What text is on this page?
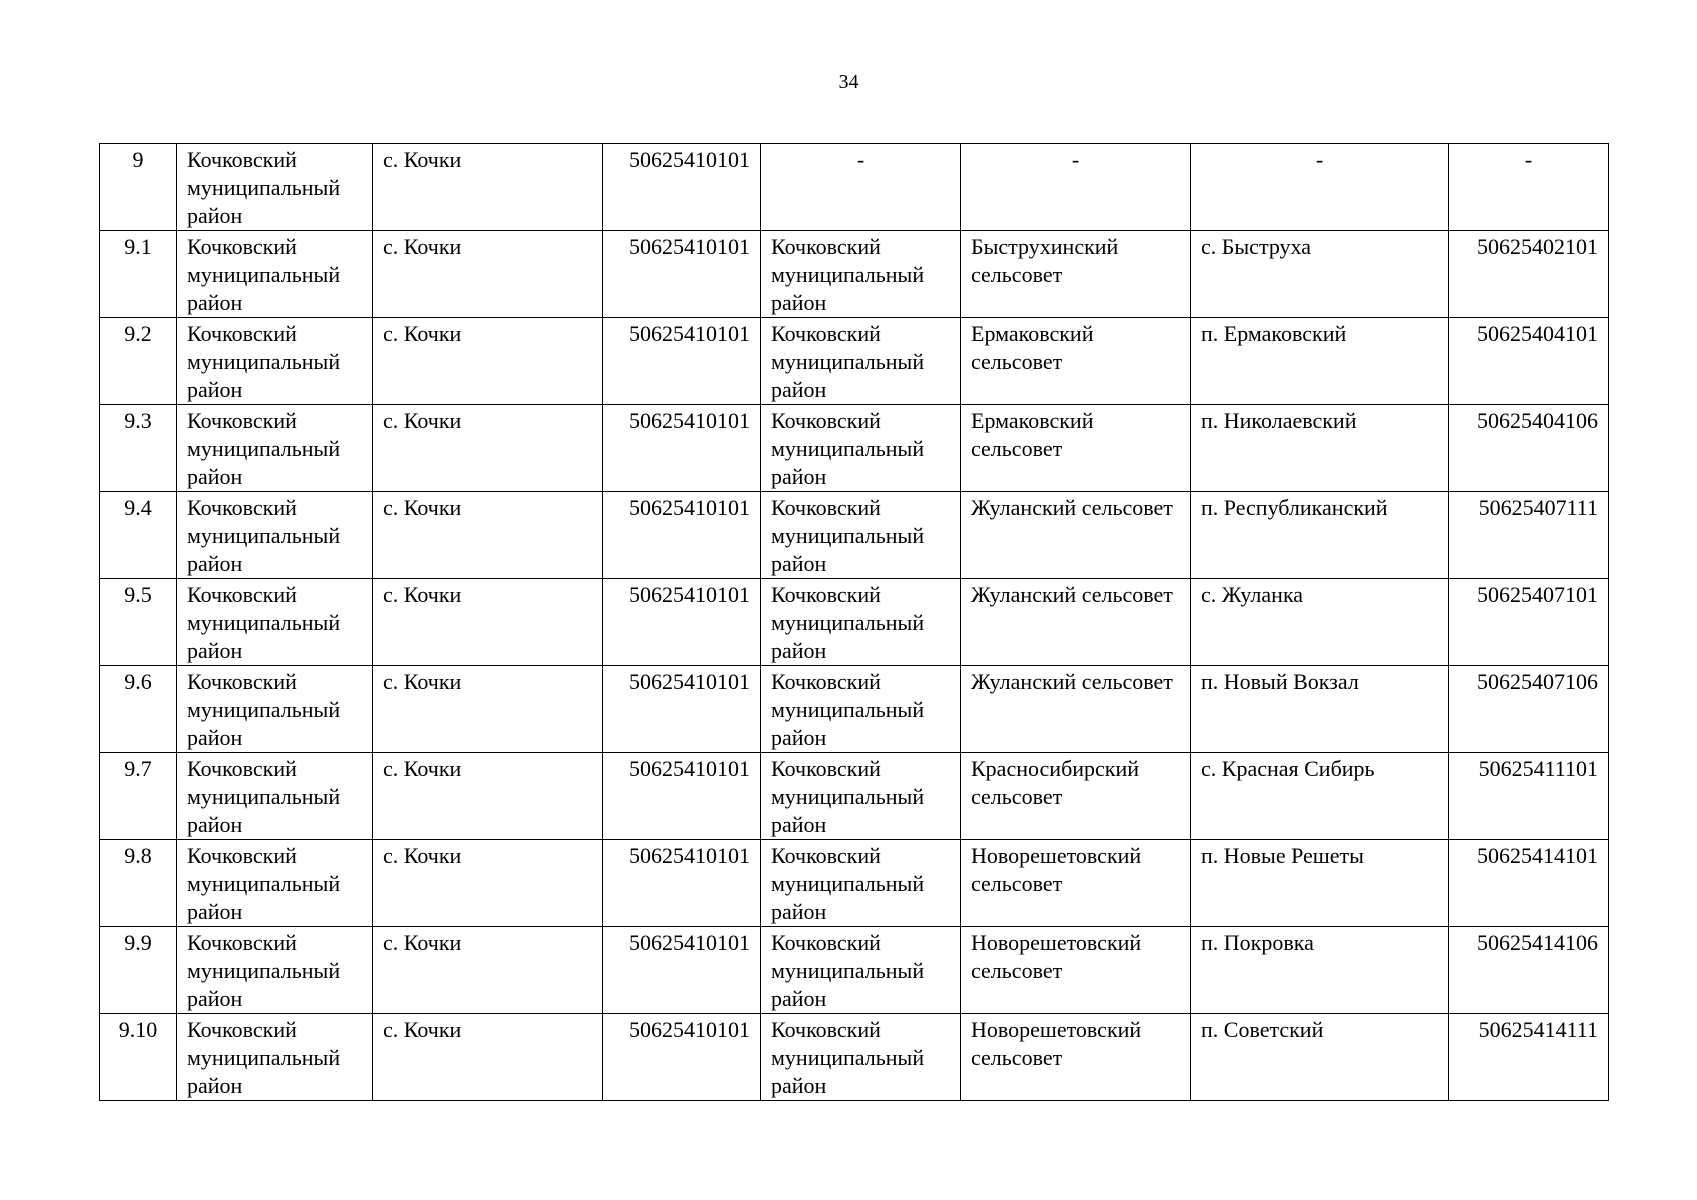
34
9	Кочковский муниципальный район	с. Кочки	50625410101	-	-	-	-
9.1	Кочковский муниципальный район	с. Кочки	50625410101	Кочковский муниципальный район	Быструхинский сельсовет	с. Быструха	50625402101
9.2	Кочковский муниципальный район	с. Кочки	50625410101	Кочковский муниципальный район	Ермаковский сельсовет	п. Ермаковский	50625404101
9.3	Кочковский муниципальный район	с. Кочки	50625410101	Кочковский муниципальный район	Ермаковский сельсовет	п. Николаевский	50625404106
9.4	Кочковский муниципальный район	с. Кочки	50625410101	Кочковский муниципальный район	Жуланский сельсовет	п. Республиканский	50625407111
9.5	Кочковский муниципальный район	с. Кочки	50625410101	Кочковский муниципальный район	Жуланский сельсовет	с. Жуланка	50625407101
9.6	Кочковский муниципальный район	с. Кочки	50625410101	Кочковский муниципальный район	Жуланский сельсовет	п. Новый Вокзал	50625407106
9.7	Кочковский муниципальный район	с. Кочки	50625410101	Кочковский муниципальный район	Красносибирский сельсовет	с. Красная Сибирь	50625411101
9.8	Кочковский муниципальный район	с. Кочки	50625410101	Кочковский муниципальный район	Новорешетовский сельсовет	п. Новые Решеты	50625414101
9.9	Кочковский муниципальный район	с. Кочки	50625410101	Кочковский муниципальный район	Новорешетовский сельсовет	п. Покровка	50625414106
9.10	Кочковский муниципальный район	с. Кочки	50625410101	Кочковский муниципальный район	Новорешетовский сельсовет	п. Советский	50625414111
